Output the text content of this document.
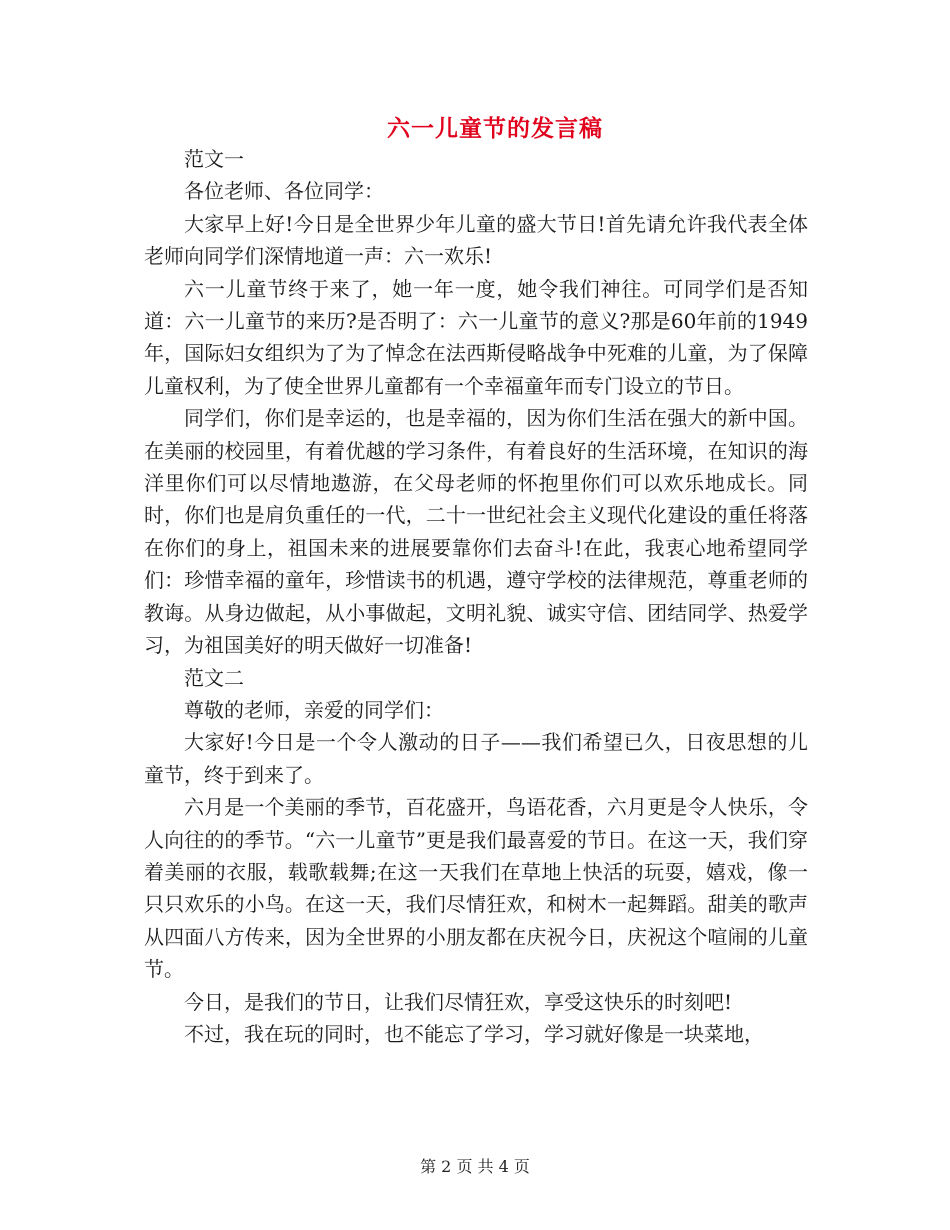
六一儿童节的发言稿

范文一

各位老师、各位同学：

大家早上好!今日是全世界少年儿童的盛大节日!首先请允许我代表全体老师向同学们深情地道一声：六一欢乐!

六一儿童节终于来了，她一年一度，她令我们神往。可同学们是否知道：六一儿童节的来历?是否明了：六一儿童节的意义?那是60年前的1949年，国际妇女组织为了为了悼念在法西斯侵略战争中死难的儿童，为了保障儿童权利，为了使全世界儿童都有一个幸福童年而专门设立的节日。

同学们，你们是幸运的，也是幸福的，因为你们生活在强大的新中国。在美丽的校园里，有着优越的学习条件，有着良好的生活环境，在知识的海洋里你们可以尽情地遨游，在父母老师的怀抱里你们可以欢乐地成长。同时，你们也是肩负重任的一代，二十一世纪社会主义现代化建设的重任将落在你们的身上，祖国未来的进展要靠你们去奋斗!在此，我衷心地希望同学们：珍惜幸福的童年，珍惜读书的机遇，遵守学校的法律规范，尊重老师的教诲。从身边做起，从小事做起，文明礼貌、诚实守信、团结同学、热爱学习，为祖国美好的明天做好一切准备!

范文二

尊敬的老师，亲爱的同学们：

大家好!今日是一个令人激动的日子——我们希望已久，日夜思想的儿童节，终于到来了。

六月是一个美丽的季节，百花盛开，鸟语花香，六月更是令人快乐，令人向往的的季节。“六一儿童节”更是我们最喜爱的节日。在这一天，我们穿着美丽的衣服，载歌载舞;在这一天我们在草地上快活的玩耍，嬉戏，像一只只欢乐的小鸟。在这一天，我们尽情狂欢，和树木一起舞蹈。甜美的歌声从四面八方传来，因为全世界的小朋友都在庆祝今日，庆祝这个喧闹的儿童节。

今日，是我们的节日，让我们尽情狂欢，享受这快乐的时刻吧!

不过，我在玩的同时，也不能忘了学习，学习就好像是一块菜地，

第 2 页 共 4 页
